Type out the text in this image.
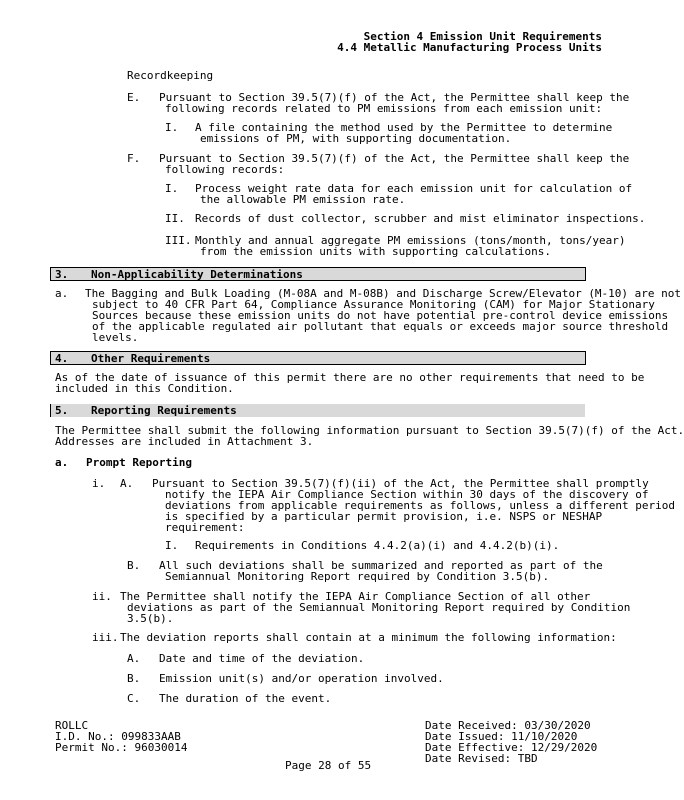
Section 4 Emission Unit Requirements
4.4 Metallic Manufacturing Process Units
Recordkeeping
E. Pursuant to Section 39.5(7)(f) of the Act, the Permittee shall keep the
following records related to PM emissions from each emission unit:
I. A file containing the method used by the Permittee to determine
emissions of PM, with supporting documentation.
F. Pursuant to Section 39.5(7)(f) of the Act, the Permittee shall keep the
following records:
I. Process weight rate data for each emission unit for calculation of
the allowable PM emission rate.
II. Records of dust collector, scrubber and mist eliminator inspections.
III. Monthly and annual aggregate PM emissions (tons/month, tons/year)
from the emission units with supporting calculations.
3. Non-Applicability Determinations
a. The Bagging and Bulk Loading (M-08A and M-08B) and Discharge Screw/Elevator (M-10) are not
subject to 40 CFR Part 64, Compliance Assurance Monitoring (CAM) for Major Stationary
Sources because these emission units do not have potential pre-control device emissions
of the applicable regulated air pollutant that equals or exceeds major source threshold
levels.
4. Other Requirements
As of the date of issuance of this permit there are no other requirements that need to be
included in this Condition.
5. Reporting Requirements
The Permittee shall submit the following information pursuant to Section 39.5(7)(f) of the Act.
Addresses are included in Attachment 3.
a. Prompt Reporting
i. A. Pursuant to Section 39.5(7)(f)(ii) of the Act, the Permittee shall promptly
notify the IEPA Air Compliance Section within 30 days of the discovery of
deviations from applicable requirements as follows, unless a different period
is specified by a particular permit provision, i.e. NSPS or NESHAP
requirement:
I. Requirements in Conditions 4.4.2(a)(i) and 4.4.2(b)(i).
B. All such deviations shall be summarized and reported as part of the
Semiannual Monitoring Report required by Condition 3.5(b).
ii. The Permittee shall notify the IEPA Air Compliance Section of all other
deviations as part of the Semiannual Monitoring Report required by Condition
3.5(b).
iii. The deviation reports shall contain at a minimum the following information:
A. Date and time of the deviation.
B. Emission unit(s) and/or operation involved.
C. The duration of the event.
ROLLC
I.D. No.: 099833AAB
Permit No.: 96030014
Date Received: 03/30/2020
Date Issued: 11/10/2020
Date Effective: 12/29/2020
Date Revised: TBD
Page 28 of 55
